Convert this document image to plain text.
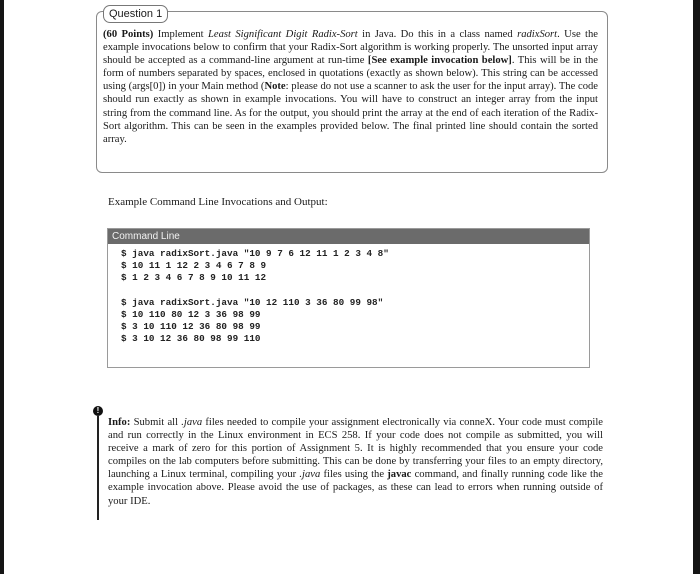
Question 1
(60 Points) Implement Least Significant Digit Radix-Sort in Java. Do this in a class named radixSort. Use the example invocations below to confirm that your Radix-Sort algorithm is working properly. The unsorted input array should be accepted as a command-line argument at run-time [See example invocation below]. This will be in the form of numbers separated by spaces, enclosed in quotations (exactly as shown below). This string can be accessed using (args[0]) in your Main method (Note: please do not use a scanner to ask the user for the input array). The code should run exactly as shown in example invocations. You will have to construct an integer array from the input string from the command line. As for the output, you should print the array at the end of each iteration of the Radix-Sort algorithm. This can be seen in the examples provided below. The final printed line should contain the sorted array.
Example Command Line Invocations and Output:
Command Line
$ java radixSort.java "10 9 7 6 12 11 1 2 3 4 8"
$ 10 11 1 12 2 3 4 6 7 8 9
$ 1 2 3 4 6 7 8 9 10 11 12
$ java radixSort.java "10 12 110 3 36 80 99 98"
$ 10 110 80 12 3 36 98 99
$ 3 10 110 12 36 80 98 99
$ 3 10 12 36 80 98 99 110
!
Info: Submit all .java files needed to compile your assignment electronically via conneX. Your code must compile and run correctly in the Linux environment in ECS 258. If your code does not compile as submitted, you will receive a mark of zero for this portion of Assignment 5. It is highly recommended that you ensure your code compiles on the lab computers before submitting. This can be done by transferring your files to an empty directory, launching a Linux terminal, compiling your .java files using the javac command, and finally running code like the example invocation above. Please avoid the use of packages, as these can lead to errors when running outside of your IDE.
